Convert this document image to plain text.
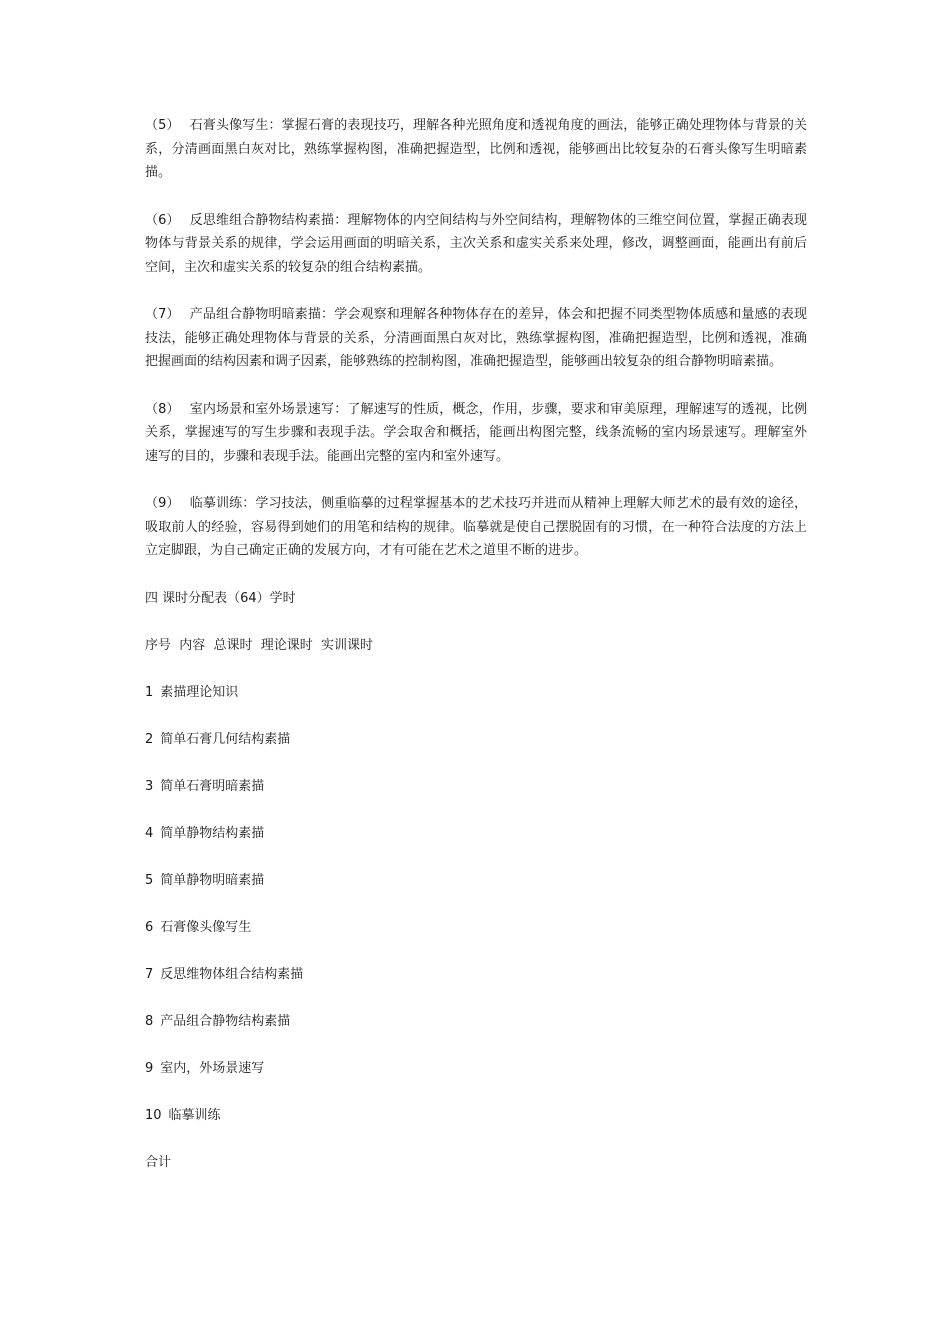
（5） 石膏头像写生：掌握石膏的表现技巧，理解各种光照角度和透视角度的画法，能够正确处理物体与背景的关系，分清画面黑白灰对比，熟练掌握构图，准确把握造型，比例和透视，能够画出比较复杂的石膏头像写生明暗素描。

（6） 反思维组合静物结构素描：理解物体的内空间结构与外空间结构，理解物体的三维空间位置，掌握正确表现物体与背景关系的规律，学会运用画面的明暗关系，主次关系和虚实关系来处理，修改，调整画面，能画出有前后空间，主次和虚实关系的较复杂的组合结构素描。

（7） 产品组合静物明暗素描：学会观察和理解各种物体存在的差异，体会和把握不同类型物体质感和量感的表现技法，能够正确处理物体与背景的关系，分清画面黑白灰对比，熟练掌握构图，准确把握造型，比例和透视，准确把握画面的结构因素和调子因素，能够熟练的控制构图，准确把握造型，能够画出较复杂的组合静物明暗素描。

（8） 室内场景和室外场景速写：了解速写的性质，概念，作用，步骤，要求和审美原理，理解速写的透视，比例关系，掌握速写的写生步骤和表现手法。学会取舍和概括，能画出构图完整，线条流畅的室内场景速写。理解室外速写的目的，步骤和表现手法。能画出完整的室内和室外速写。

（9） 临摹训练：学习技法，侧重临摹的过程掌握基本的艺术技巧并进而从精神上理解大师艺术的最有效的途径，吸取前人的经验，容易得到她们的用笔和结构的规律。临摹就是使自己摆脱固有的习惯，在一种符合法度的方法上立定脚跟，为自己确定正确的发展方向，才有可能在艺术之道里不断的进步。

四 课时分配表（64）学时
序号  内容  总课时  理论课时  实训课时
1 素描理论知识
2 简单石膏几何结构素描
3 简单石膏明暗素描
4 简单静物结构素描
5 简单静物明暗素描
6 石膏像头像写生
7 反思维物体组合结构素描
8 产品组合静物结构素描
9 室内，外场景速写
10 临摹训练
合计
